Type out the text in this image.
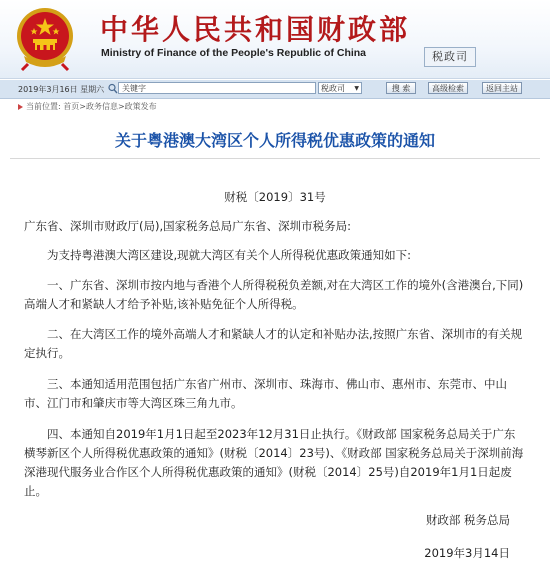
中华人民共和国财政部
Ministry of Finance of the People's Republic of China	税政司
2019年3月16日 星期六
关键字	税政司 ▼	搜 索	高级检索	返回主站
当前位置: 首页>政务信息>政策发布
关于粤港澳大湾区个人所得税优惠政策的通知
财税〔2019〕31号
广东省、深圳市财政厅(局),国家税务总局广东省、深圳市税务局:
为支持粤港澳大湾区建设,现就大湾区有关个人所得税优惠政策通知如下:
一、广东省、深圳市按内地与香港个人所得税税负差额,对在大湾区工作的境外(含港澳台,下同)高端人才和紧缺人才给予补贴,该补贴免征个人所得税。
二、在大湾区工作的境外高端人才和紧缺人才的认定和补贴办法,按照广东省、深圳市的有关规定执行。
三、本通知适用范围包括广东省广州市、深圳市、珠海市、佛山市、惠州市、东莞市、中山市、江门市和肇庆市等大湾区珠三角九市。
四、本通知自2019年1月1日起至2023年12月31日止执行。《财政部 国家税务总局关于广东横琴新区个人所得税优惠政策的通知》(财税〔2014〕23号)、《财政部 国家税务总局关于深圳前海深港现代服务业合作区个人所得税优惠政策的通知》(财税〔2014〕25号)自2019年1月1日起废止。
财政部 税务总局
2019年3月14日
